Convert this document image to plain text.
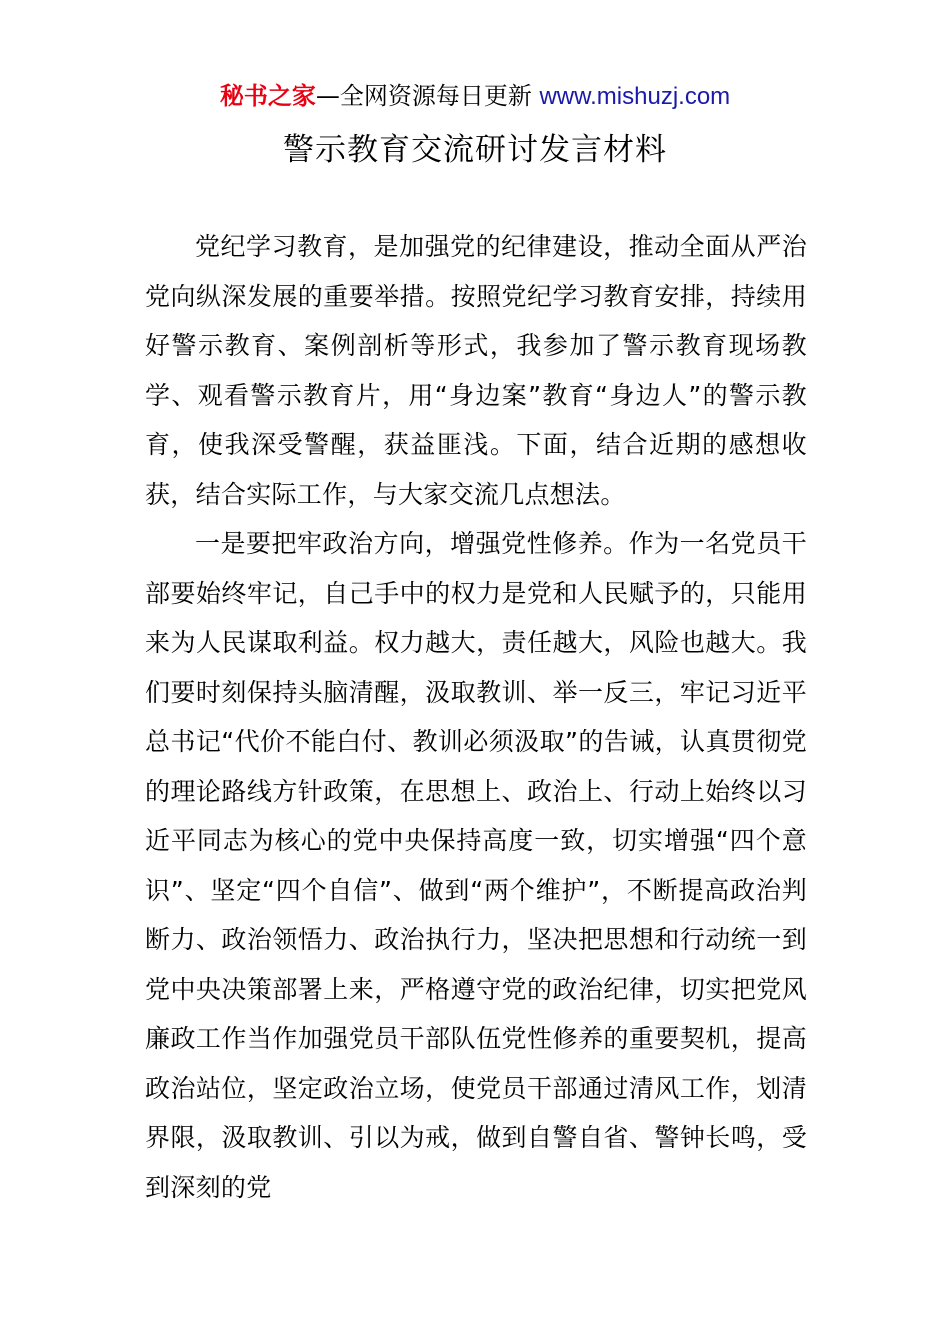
秘书之家—全网资源每日更新 www.mishuzj.com
警示教育交流研讨发言材料

党纪学习教育，是加强党的纪律建设，推动全面从严治党向纵深发展的重要举措。按照党纪学习教育安排，持续用好警示教育、案例剖析等形式，我参加了警示教育现场教学、观看警示教育片，用“身边案”教育“身边人”的警示教育，使我深受警醒，获益匪浅。下面，结合近期的感想收获，结合实际工作，与大家交流几点想法。

一是要把牢政治方向，增强党性修养。作为一名党员干部要始终牢记，自己手中的权力是党和人民赋予的，只能用来为人民谋取利益。权力越大，责任越大，风险也越大。我们要时刻保持头脑清醒，汲取教训、举一反三，牢记习近平总书记“代价不能白付、教训必须汲取”的告诫，认真贯彻党的理论路线方针政策，在思想上、政治上、行动上始终以习近平同志为核心的党中央保持高度一致，切实增强“四个意识”、坚定“四个自信”、做到“两个维护”，不断提高政治判断力、政治领悟力、政治执行力，坚决把思想和行动统一到党中央决策部署上来，严格遵守党的政治纪律，切实把党风廉政工作当作加强党员干部队伍党性修养的重要契机，提高政治站位，坚定政治立场，使党员干部通过清风工作，划清界限，汲取教训、引以为戒，做到自警自省、警钟长鸣，受到深刻的党
